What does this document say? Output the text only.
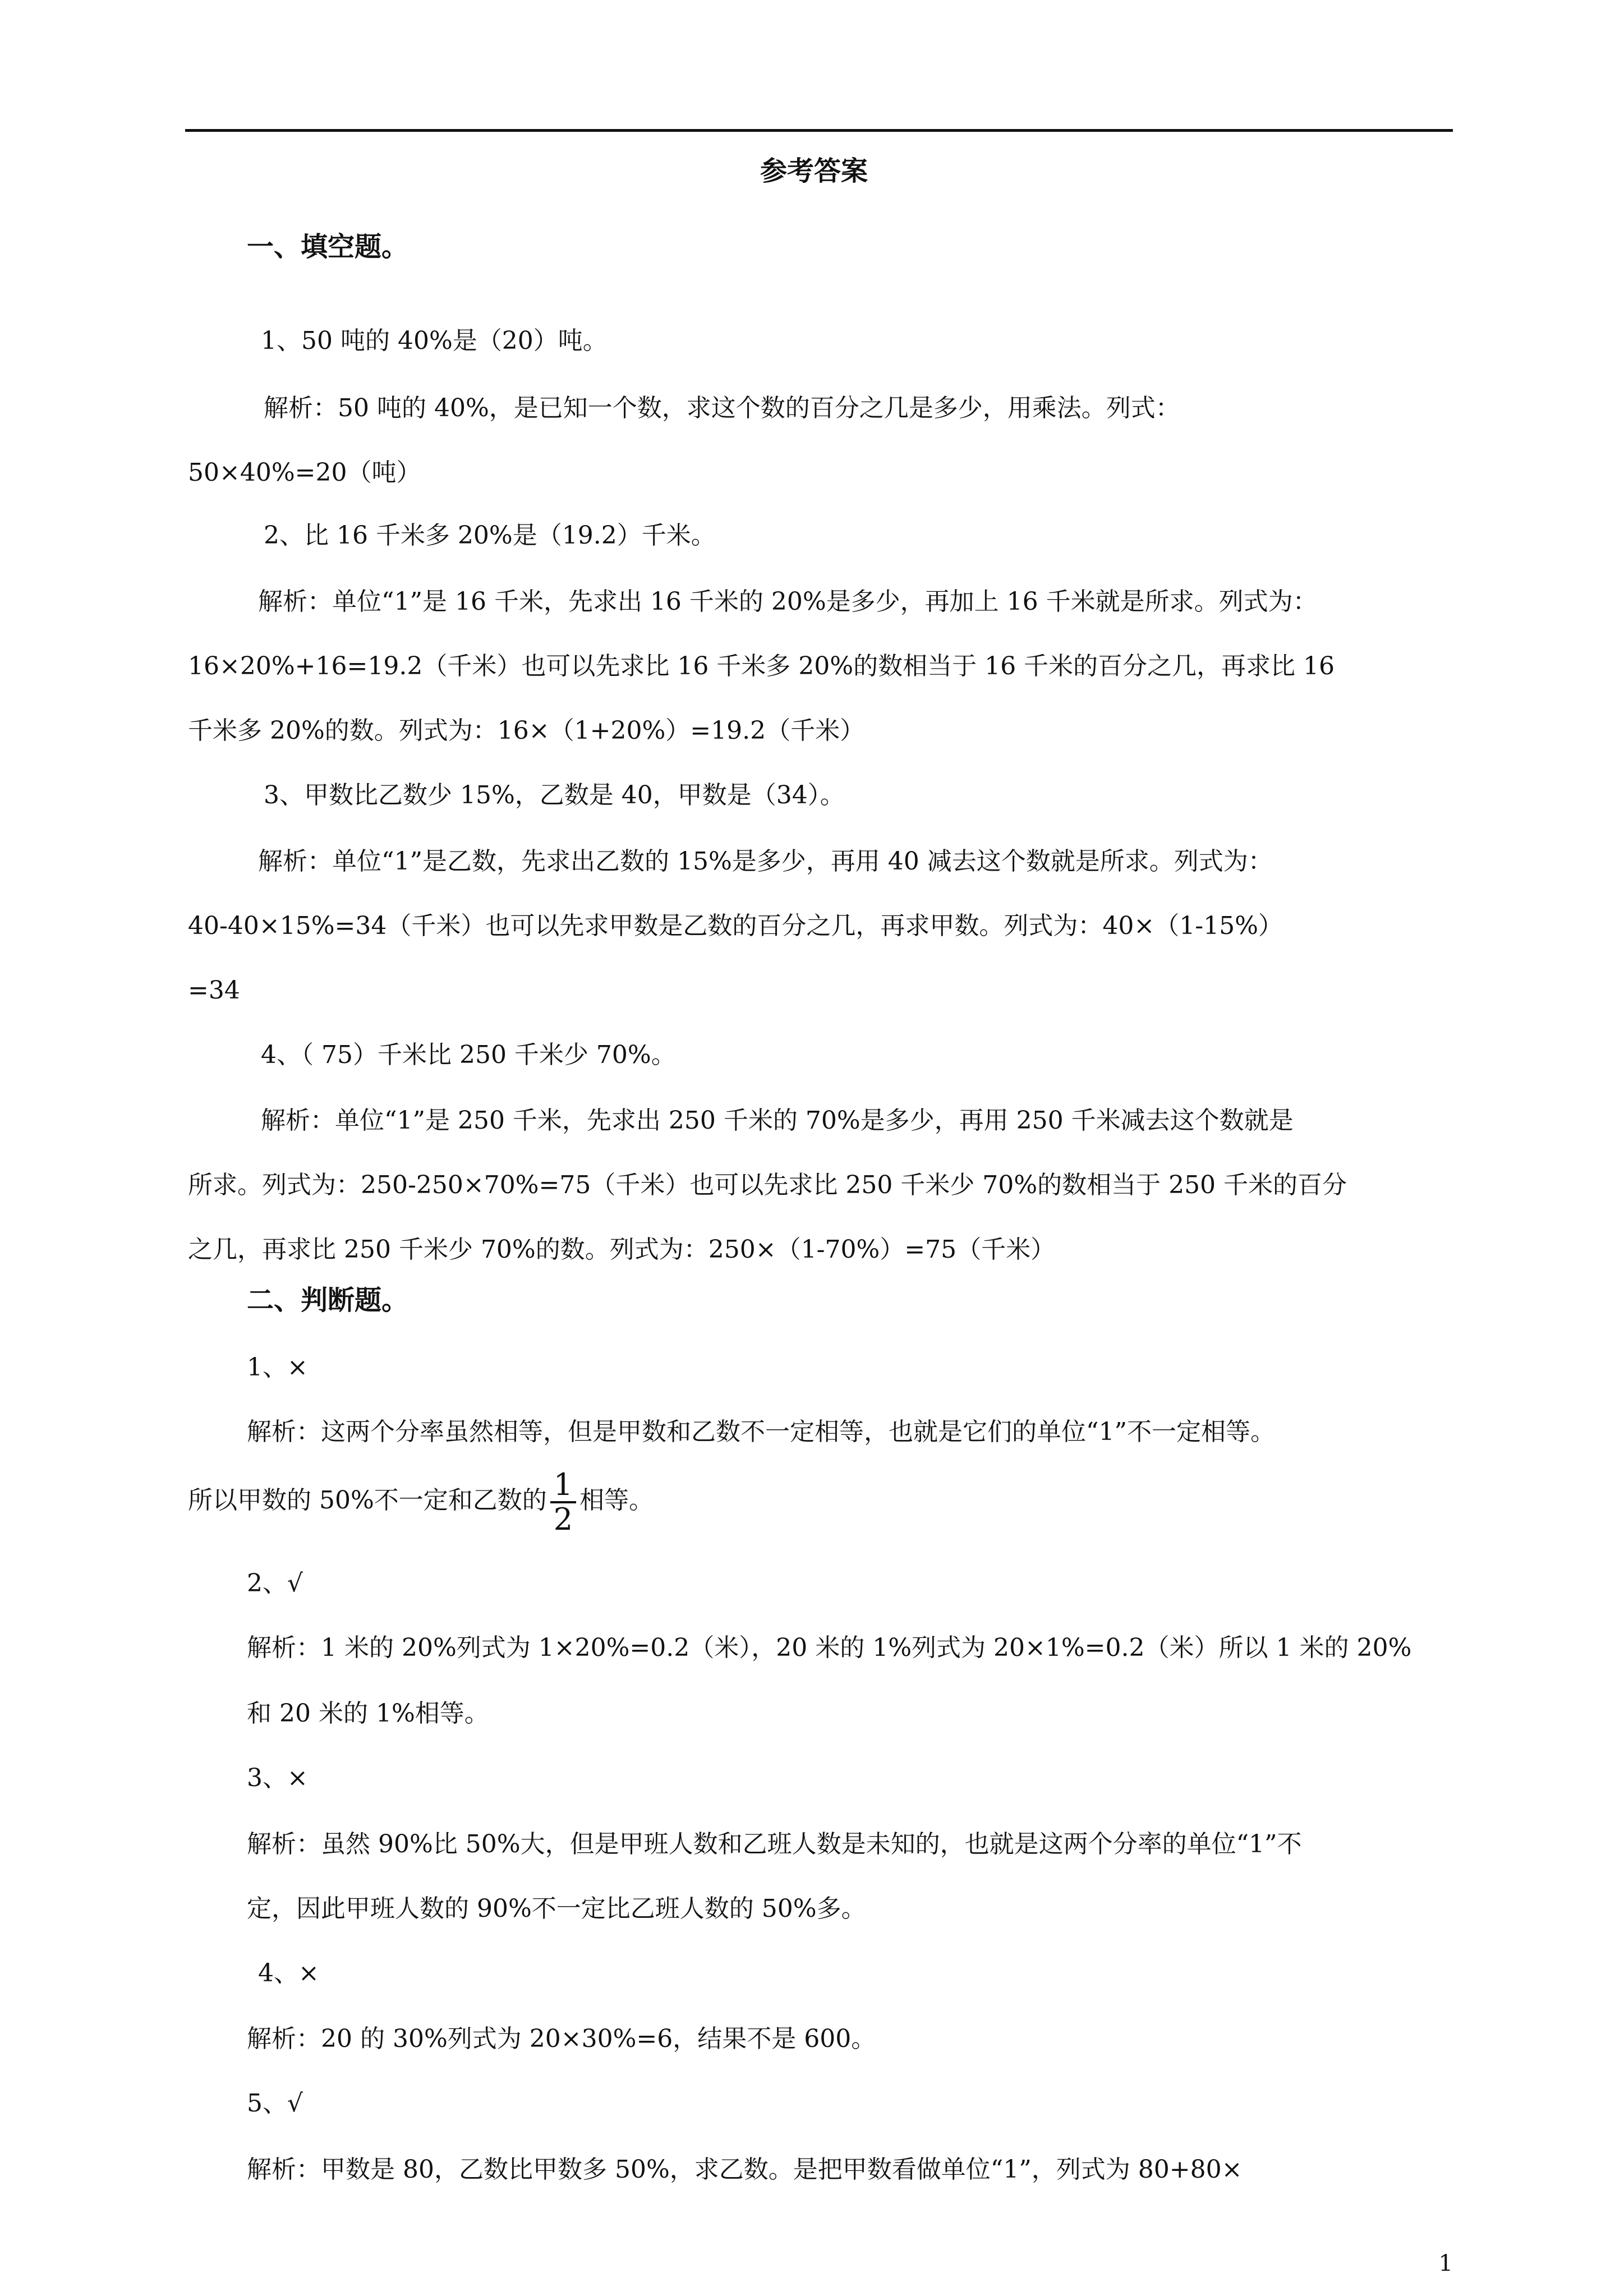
参考答案

一、填空题。

1、50 吨的 40%是（20）吨。

解析：50 吨的 40%，是已知一个数，求这个数的百分之几是多少，用乘法。列式：

50×40%=20（吨）

2、比 16 千米多 20%是（19.2）千米。

解析：单位“1”是 16 千米，先求出 16 千米的 20%是多少，再加上 16 千米就是所求。列式为：

16×20%+16=19.2（千米）也可以先求比 16 千米多 20%的数相当于 16 千米的百分之几，再求比 16

千米多 20%的数。列式为：16×（1+20%）=19.2（千米）

3、甲数比乙数少 15%，乙数是 40，甲数是（34）。

解析：单位“1”是乙数，先求出乙数的 15%是多少，再用 40 减去这个数就是所求。列式为：

40-40×15%=34（千米）也可以先求甲数是乙数的百分之几，再求甲数。列式为：40×（1-15%）

=34

4、（ 75）千米比 250 千米少 70%。

解析：单位“1”是 250 千米，先求出 250 千米的 70%是多少，再用 250 千米减去这个数就是

所求。列式为：250-250×70%=75（千米）也可以先求比 250 千米少 70%的数相当于 250 千米的百分

之几，再求比 250 千米少 70%的数。列式为：250×（1-70%）=75（千米）

二、判断题。

1、×

解析：这两个分率虽然相等，但是甲数和乙数不一定相等，也就是它们的单位“1”不一定相等。

所以甲数的 50%不一定和乙数的 $\frac{1}{2}$ 相等。

2、√

解析：1 米的 20%列式为 1×20%=0.2（米），20 米的 1%列式为 20×1%=0.2（米）所以 1 米的 20%

和 20 米的 1%相等。

3、×

解析：虽然 90%比 50%大，但是甲班人数和乙班人数是未知的，也就是这两个分率的单位“1”不

定，因此甲班人数的 90%不一定比乙班人数的 50%多。

4、×

解析：20 的 30%列式为 20×30%=6，结果不是 600。

5、√

解析：甲数是 80，乙数比甲数多 50%，求乙数。是把甲数看做单位“1”，列式为 80+80×

1
